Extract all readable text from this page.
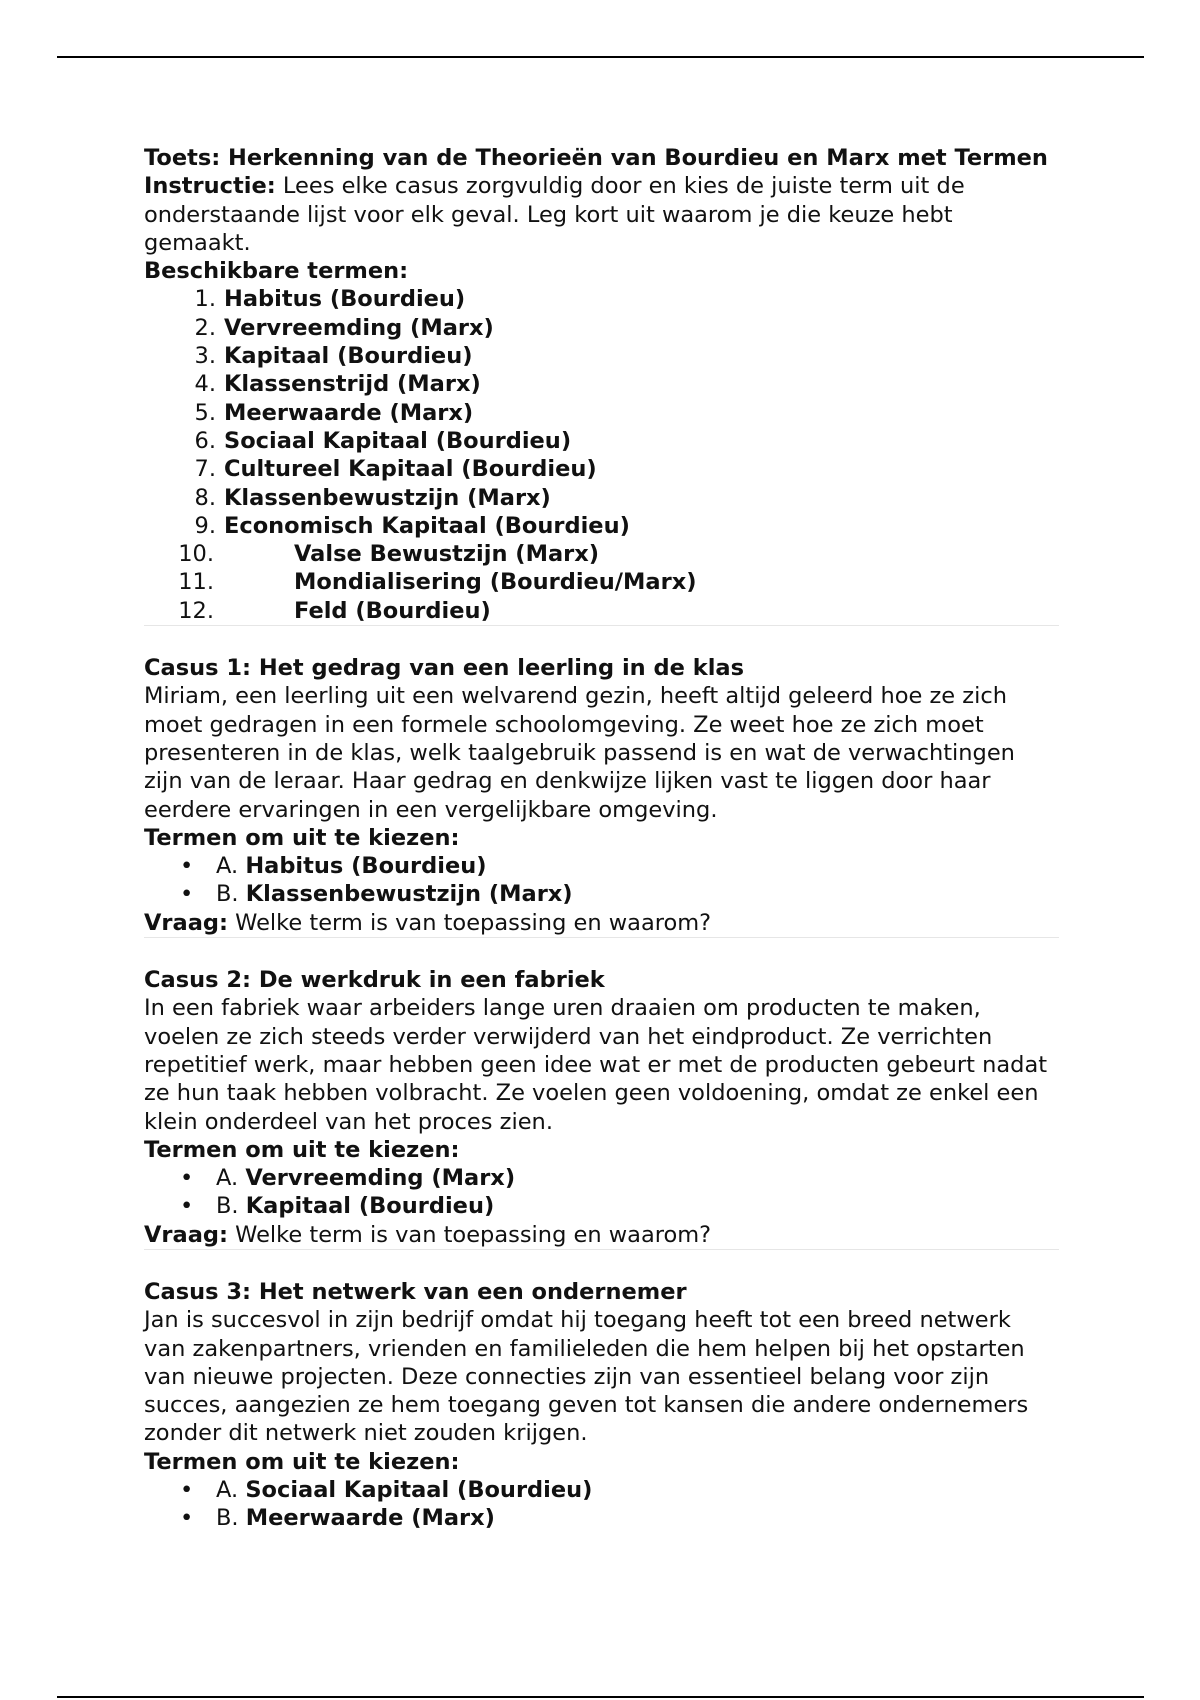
Toets: Herkenning van de Theorieën van Bourdieu en Marx met Termen

Instructie: Lees elke casus zorgvuldig door en kies de juiste term uit de onderstaande lijst voor elk geval. Leg kort uit waarom je die keuze hebt gemaakt.

Beschikbare termen:

1. Habitus (Bourdieu)
2. Vervreemding (Marx)
3. Kapitaal (Bourdieu)
4. Klassenstrijd (Marx)
5. Meerwaarde (Marx)
6. Sociaal Kapitaal (Bourdieu)
7. Cultureel Kapitaal (Bourdieu)
8. Klassenbewustzijn (Marx)
9. Economisch Kapitaal (Bourdieu)
10.	Valse Bewustzijn (Marx)
11.	Mondialisering (Bourdieu/Marx)
12.	Feld (Bourdieu)

Casus 1: Het gedrag van een leerling in de klas

Miriam, een leerling uit een welvarend gezin, heeft altijd geleerd hoe ze zich moet gedragen in een formele schoolomgeving. Ze weet hoe ze zich moet presenteren in de klas, welk taalgebruik passend is en wat de verwachtingen zijn van de leraar. Haar gedrag en denkwijze lijken vast te liggen door haar eerdere ervaringen in een vergelijkbare omgeving.

Termen om uit te kiezen:

• A. Habitus (Bourdieu)
• B. Klassenbewustzijn (Marx)

Vraag: Welke term is van toepassing en waarom?

Casus 2: De werkdruk in een fabriek

In een fabriek waar arbeiders lange uren draaien om producten te maken, voelen ze zich steeds verder verwijderd van het eindproduct. Ze verrichten repetitief werk, maar hebben geen idee wat er met de producten gebeurt nadat ze hun taak hebben volbracht. Ze voelen geen voldoening, omdat ze enkel een klein onderdeel van het proces zien.

Termen om uit te kiezen:

• A. Vervreemding (Marx)
• B. Kapitaal (Bourdieu)

Vraag: Welke term is van toepassing en waarom?

Casus 3: Het netwerk van een ondernemer

Jan is succesvol in zijn bedrijf omdat hij toegang heeft tot een breed netwerk van zakenpartners, vrienden en familieleden die hem helpen bij het opstarten van nieuwe projecten. Deze connecties zijn van essentieel belang voor zijn succes, aangezien ze hem toegang geven tot kansen die andere ondernemers zonder dit netwerk niet zouden krijgen.

Termen om uit te kiezen:

• A. Sociaal Kapitaal (Bourdieu)
• B. Meerwaarde (Marx)
